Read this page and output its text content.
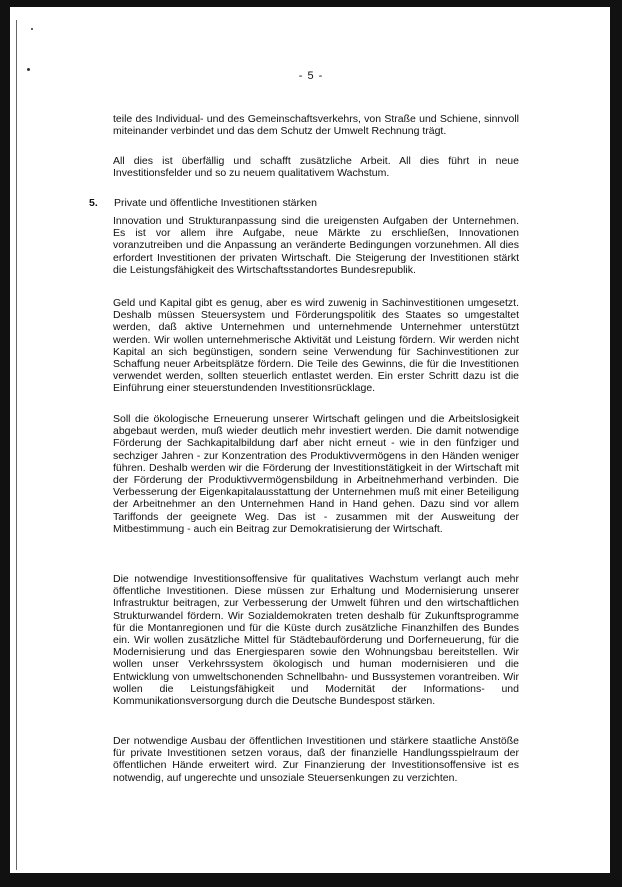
- 5 -

teile des Individual- und des Gemeinschaftsverkehrs, von Straße und Schiene, sinnvoll miteinander verbindet und das dem Schutz der Umwelt Rechnung trägt.

All dies ist überfällig und schafft zusätzliche Arbeit. All dies führt in neue Investitionsfelder und so zu neuem qualitativem Wachstum.

5. Private und öffentliche Investitionen stärken

Innovation und Strukturanpassung sind die ureigensten Aufgaben der Unternehmen. Es ist vor allem ihre Aufgabe, neue Märkte zu erschließen, Innovationen voranzutreiben und die Anpassung an veränderte Bedingungen vorzunehmen. All dies erfordert Investitionen der privaten Wirtschaft. Die Steigerung der Investitionen stärkt die Leistungsfähigkeit des Wirtschaftsstandortes Bundesrepublik.

Geld und Kapital gibt es genug, aber es wird zuwenig in Sachinvestitionen umgesetzt. Deshalb müssen Steuersystem und Förderungspolitik des Staates so umgestaltet werden, daß aktive Unternehmen und unternehmende Unternehmer unterstützt werden. Wir wollen unternehmerische Aktivität und Leistung fördern. Wir werden nicht Kapital an sich begünstigen, sondern seine Verwendung für Sachinvestitionen zur Schaffung neuer Arbeitsplätze fördern. Die Teile des Gewinns, die für die Investitionen verwendet werden, sollten steuerlich entlastet werden. Ein erster Schritt dazu ist die Einführung einer steuerstundenden Investitionsrücklage.

Soll die ökologische Erneuerung unserer Wirtschaft gelingen und die Arbeitslosigkeit abgebaut werden, muß wieder deutlich mehr investiert werden. Die damit notwendige Förderung der Sachkapitalbildung darf aber nicht erneut - wie in den fünfziger und sechziger Jahren - zur Konzentration des Produktivvermögens in den Händen weniger führen. Deshalb werden wir die Förderung der Investitionstätigkeit in der Wirtschaft mit der Förderung der Produktivvermögensbildung in Arbeitnehmerhand verbinden. Die Verbesserung der Eigenkapitalausstattung der Unternehmen muß mit einer Beteiligung der Arbeitnehmer an den Unternehmen Hand in Hand gehen. Dazu sind vor allem Tariffonds der geeignete Weg. Das ist - zusammen mit der Ausweitung der Mitbestimmung - auch ein Beitrag zur Demokratisierung der Wirtschaft.

Die notwendige Investitionsoffensive für qualitatives Wachstum verlangt auch mehr öffentliche Investitionen. Diese müssen zur Erhaltung und Modernisierung unserer Infrastruktur beitragen, zur Verbesserung der Umwelt führen und den wirtschaftlichen Strukturwandel fördern. Wir Sozialdemokraten treten deshalb für Zukunftsprogramme für die Montanregionen und für die Küste durch zusätzliche Finanzhilfen des Bundes ein. Wir wollen zusätzliche Mittel für Städtebauförderung und Dorferneuerung, für die Modernisierung und das Energiesparen sowie den Wohnungsbau bereitstellen. Wir wollen unser Verkehrssystem ökologisch und human modernisieren und die Entwicklung von umweltschonenden Schnellbahn- und Bussystemen vorantreiben. Wir wollen die Leistungsfähigkeit und Modernität der Informations- und Kommunikationsversorgung durch die Deutsche Bundespost stärken.

Der notwendige Ausbau der öffentlichen Investitionen und stärkere staatliche Anstöße für private Investitionen setzen voraus, daß der finanzielle Handlungsspielraum der öffentlichen Hände erweitert wird. Zur Finanzierung der Investitionsoffensive ist es notwendig, auf ungerechte und unsoziale Steuersenkungen zu verzichten.
